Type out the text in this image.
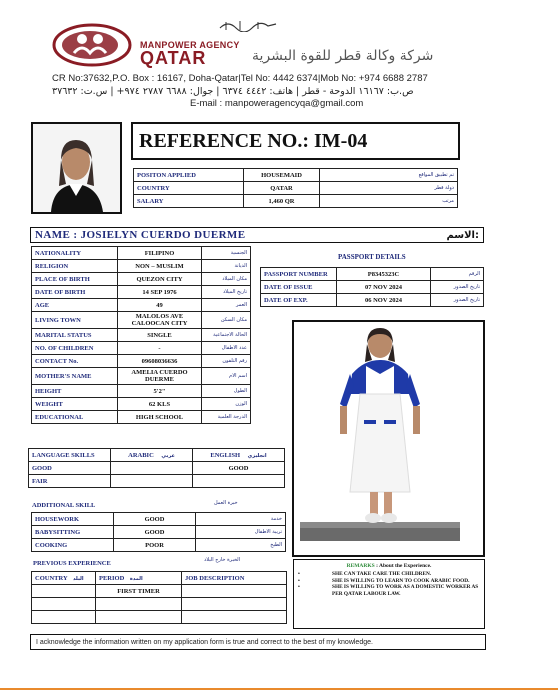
MANPOWER AGENCY
QATAR	شركة وكالة قطر للقوة البشرية
CR No:37632,P.O. Box : 16167, Doha-Qatar|Tel No: 4442 6374|Mob No: +974 6688 2787
ص.ب: ١٦١٦٧ الدوحة - قطر | هاتف: ٤٤٤٢ ٦٣٧٤ | جوال: ٦٦٨٨ ٢٧٨٧ ٩٧٤+ | س.ت: ٣٧٦٣٢
E-mail : manpoweragencyqa@gmail.com
REFERENCE NO.: IM-04
POSITON APPLIED	HOUSEMAID	تم تطبيق المواقع
COUNTRY	QATAR	دولة قطر
SALARY	1,460 QR	مرتب
NAME : JOSIELYN CUERDO DUERME	الاسم:
NATIONALITY	FILIPINO	الجنسية
RELIGION	NON – MUSLIM	الديانة
PLACE OF BIRTH	QUEZON CITY	مكان الميلاد
DATE OF BIRTH	14 SEP 1976	تاريخ الميلاد
AGE	49	العمر
LIVING TOWN	MALOLOS AVE CALOOCAN CITY	مكان السكن
MARITAL STATUS	SINGLE	الحالة الاجتماعية
NO. OF CHILDREN	-	عدد الاطفال
CONTACT No.	09608036636	رقم التلفون
MOTHER'S NAME	AMELIA CUERDO DUERME	اسم الام
HEIGHT	5'2"	الطول
WEIGHT	62 KLS	الوزن
EDUCATIONAL	HIGH SCHOOL	الدرجة العلمية
PASSPORT DETAILS
PASSPORT NUMBER	P8345323C	الرقم
DATE OF ISSUE	07 NOV 2024	تاريخ الصدور
DATE OF EXP.	06 NOV 2024	تاريخ الصدور
LANGUAGE SKILLS	ARABIC عربي	ENGLISH انجليزي
GOOD		GOOD
FAIR		
ADDITIONAL SKILL	خبرة العمل
HOUSEWORK	GOOD	خدمة
BABYSITTING	GOOD	تربية الاطفال
COOKING	POOR	الطبخ
PREVIOUS EXPERIENCE	الخبرة خارج البلاد
COUNTRY البلد	PERIOD المدة	JOB DESCRIPTION
	FIRST TIMER	

REMARKS : About the Experience.
•	SHE CAN TAKE CARE THE CHILDREN.
•	SHE IS WILLING TO LEARN TO COOK ARABIC FOOD.
•	SHE IS WILLING TO WORK AS A DOMESTIC WORKER AS PER QATAR LABOUR LAW.
I acknowledge the information written on my application form is true and correct to the best of my knowledge.
